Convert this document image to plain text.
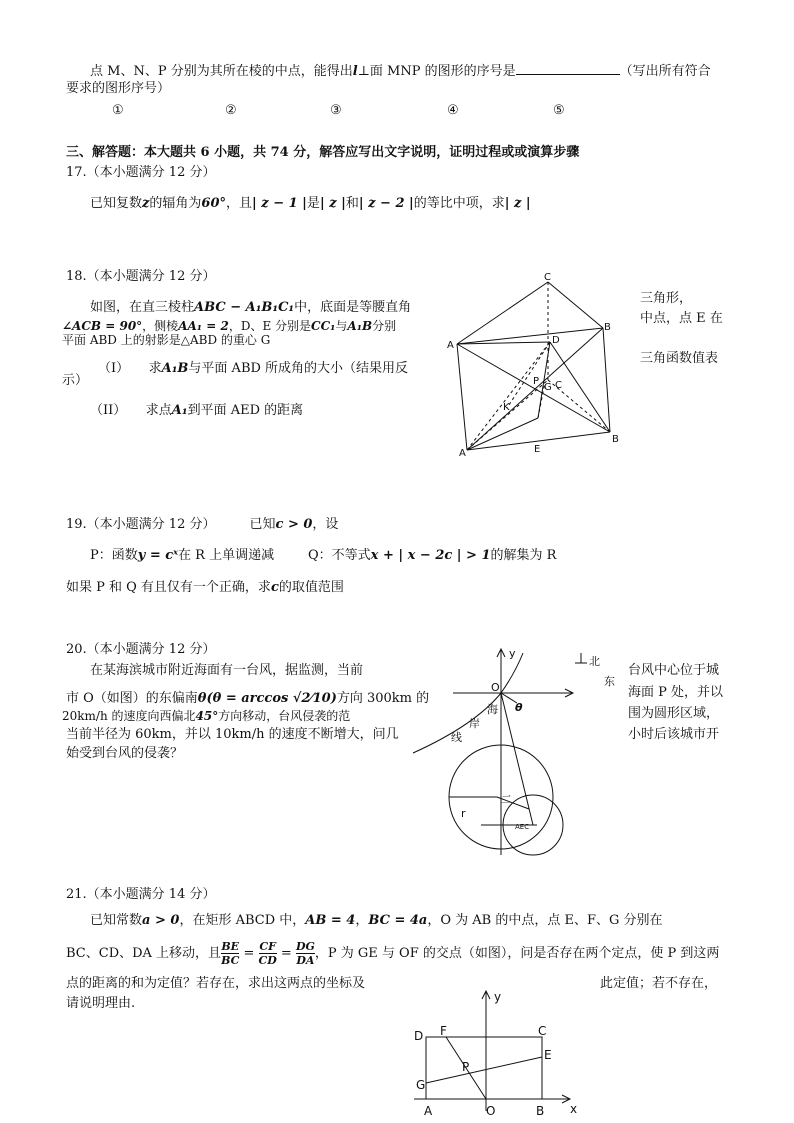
点 M、N、P 分别为其所在棱的中点，能得出l⊥面 MNP 的图形的序号是	（写出所有符合
要求的图形序号）
①	②	③	④	⑤
三、解答题：本大题共 6 小题，共 74 分，解答应写出文字说明，证明过程或或演算步骤
17.（本小题满分 12 分）
已知复数z的辐角为60°，且| z − 1 |是| z |和| z − 2 |的等比中项，求| z |
18.（本小题满分 12 分）
如图，在直三棱柱ABC − A₁B₁C₁中，底面是等腰直角
∠ACB = 90°，侧棱AA₁ = 2，D、E 分别是CC₁与A₁B分别
平面 ABD 上的射影是△ABD 的重心 G
（I）　　求A₁B与平面 ABD 所成角的大小（结果用反
示）
（II）　　求点A₁到平面 AED 的距离
三角形，
中点，点 E 在
三角函数值表
C
B
A	D
P
G C
K
A	E
B
19.（本小题满分 12 分）	已知c > 0，设
P：函数y = cˣ在 R 上单调递减	Q：不等式x + | x − 2c | > 1的解集为 R
如果 P 和 Q 有且仅有一个正确，求c的取值范围
20.（本小题满分 12 分）
在某海滨城市附近海面有一台风，据监测，当前
市 O（如图）的东偏南θ(θ = arccos √2⁄10)方向 300km 的
20km/h 的速度向西偏北45°方向移动，台风侵袭的范
当前半径为 60km，并以 10km/h 的速度不断增大，问几
始受到台风的侵袭？
台风中心位于城
海面 P 处，并以
围为圆形区域，
小时后该城市开
y
北
东
O
海 θ
岸
线
r
二
AEC
21.（本小题满分 14 分）
已知常数a > 0，在矩形 ABCD 中，AB = 4，BC = 4a，O 为 AB 的中点，点 E、F、G 分别在
BC、CD、DA 上移动，且 $\frac{BE}{BC} = \frac{CF}{CD} = \frac{DG}{DA}$ ，P 为 GE 与 OF 的交点（如图），问是否存在两个定点，使 P 到这两
点的距离的和为定值？若存在，求出这两点的坐标及	此定值；若不存在，
请说明理由.	y
x
D F	C
E
P
G
A	O	B
